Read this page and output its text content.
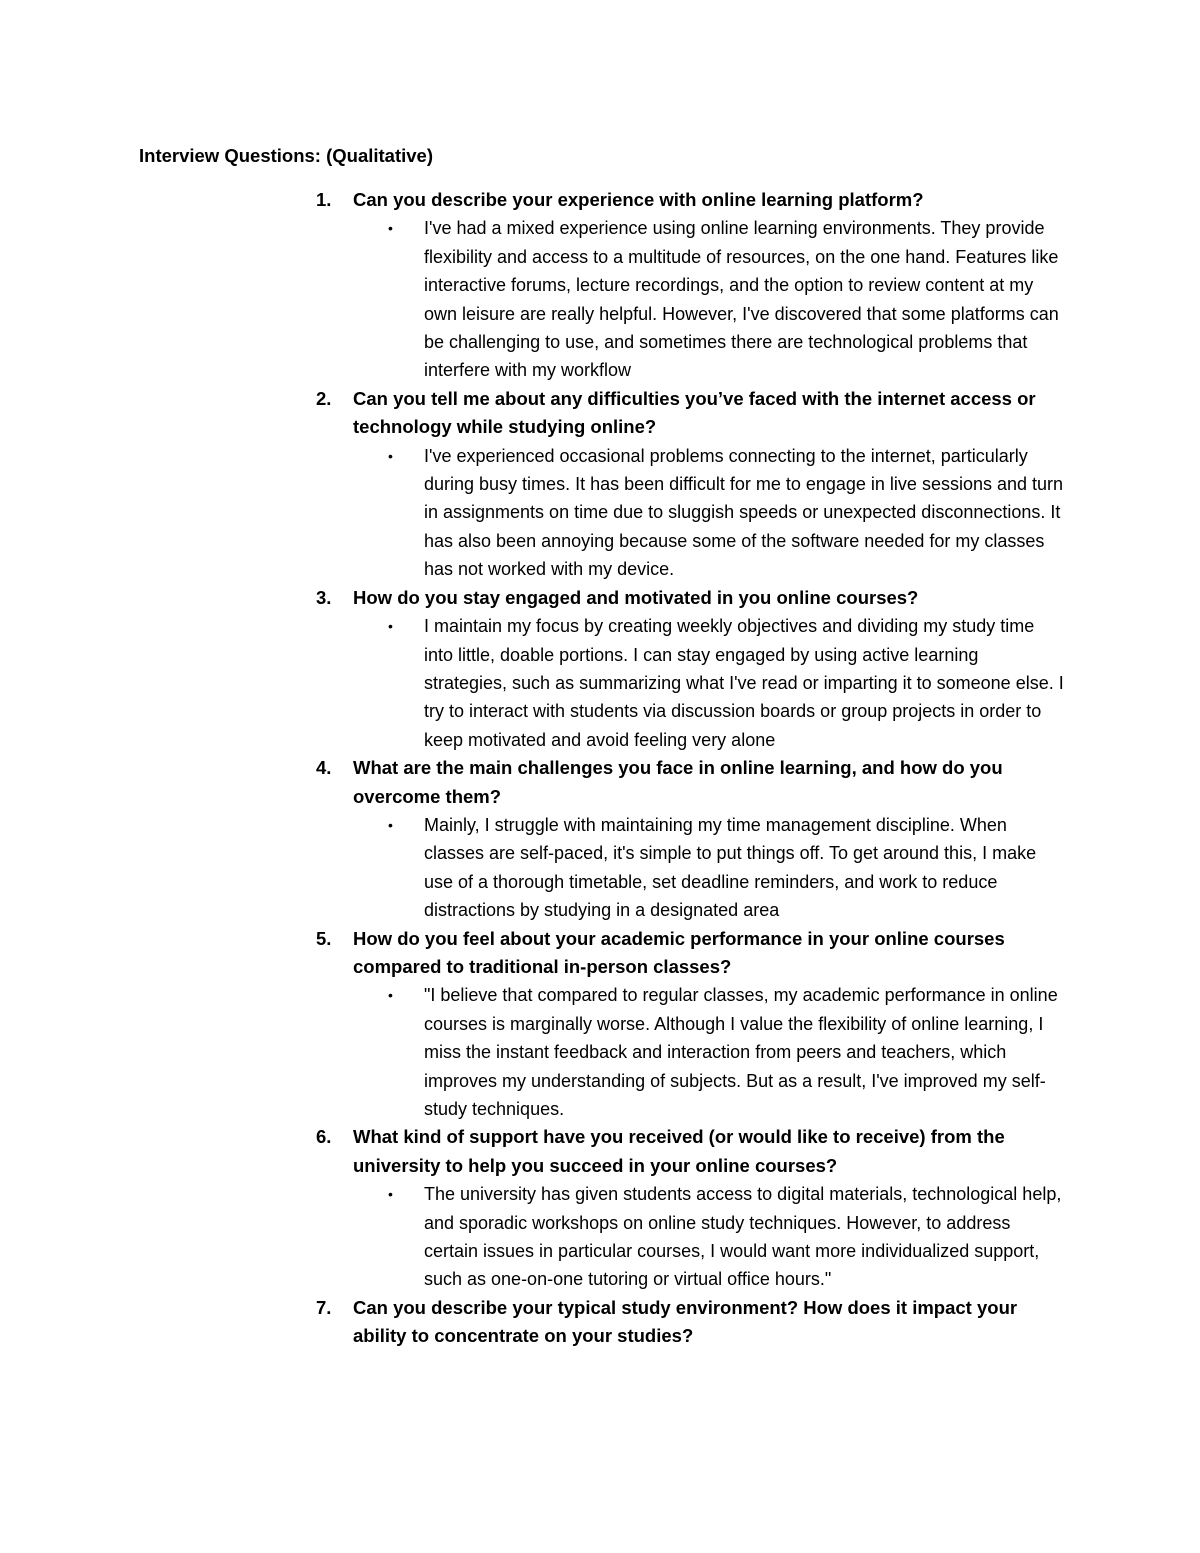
Interview Questions: (Qualitative)
1. Can you describe your experience with online learning platform?
• I've had a mixed experience using online learning environments. They provide flexibility and access to a multitude of resources, on the one hand. Features like interactive forums, lecture recordings, and the option to review content at my own leisure are really helpful. However, I've discovered that some platforms can be challenging to use, and sometimes there are technological problems that interfere with my workflow
2. Can you tell me about any difficulties you’ve faced with the internet access or technology while studying online?
• I've experienced occasional problems connecting to the internet, particularly during busy times. It has been difficult for me to engage in live sessions and turn in assignments on time due to sluggish speeds or unexpected disconnections. It has also been annoying because some of the software needed for my classes has not worked with my device.
3. How do you stay engaged and motivated in you online courses?
• I maintain my focus by creating weekly objectives and dividing my study time into little, doable portions. I can stay engaged by using active learning strategies, such as summarizing what I've read or imparting it to someone else. I try to interact with students via discussion boards or group projects in order to keep motivated and avoid feeling very alone
4. What are the main challenges you face in online learning, and how do you overcome them?
• Mainly, I struggle with maintaining my time management discipline. When classes are self-paced, it's simple to put things off. To get around this, I make use of a thorough timetable, set deadline reminders, and work to reduce distractions by studying in a designated area
5. How do you feel about your academic performance in your online courses compared to traditional in-person classes?
• "I believe that compared to regular classes, my academic performance in online courses is marginally worse. Although I value the flexibility of online learning, I miss the instant feedback and interaction from peers and teachers, which improves my understanding of subjects. But as a result, I've improved my self-study techniques.
6. What kind of support have you received (or would like to receive) from the university to help you succeed in your online courses?
• The university has given students access to digital materials, technological help, and sporadic workshops on online study techniques. However, to address certain issues in particular courses, I would want more individualized support, such as one-on-one tutoring or virtual office hours."
7. Can you describe your typical study environment? How does it impact your ability to concentrate on your studies?
